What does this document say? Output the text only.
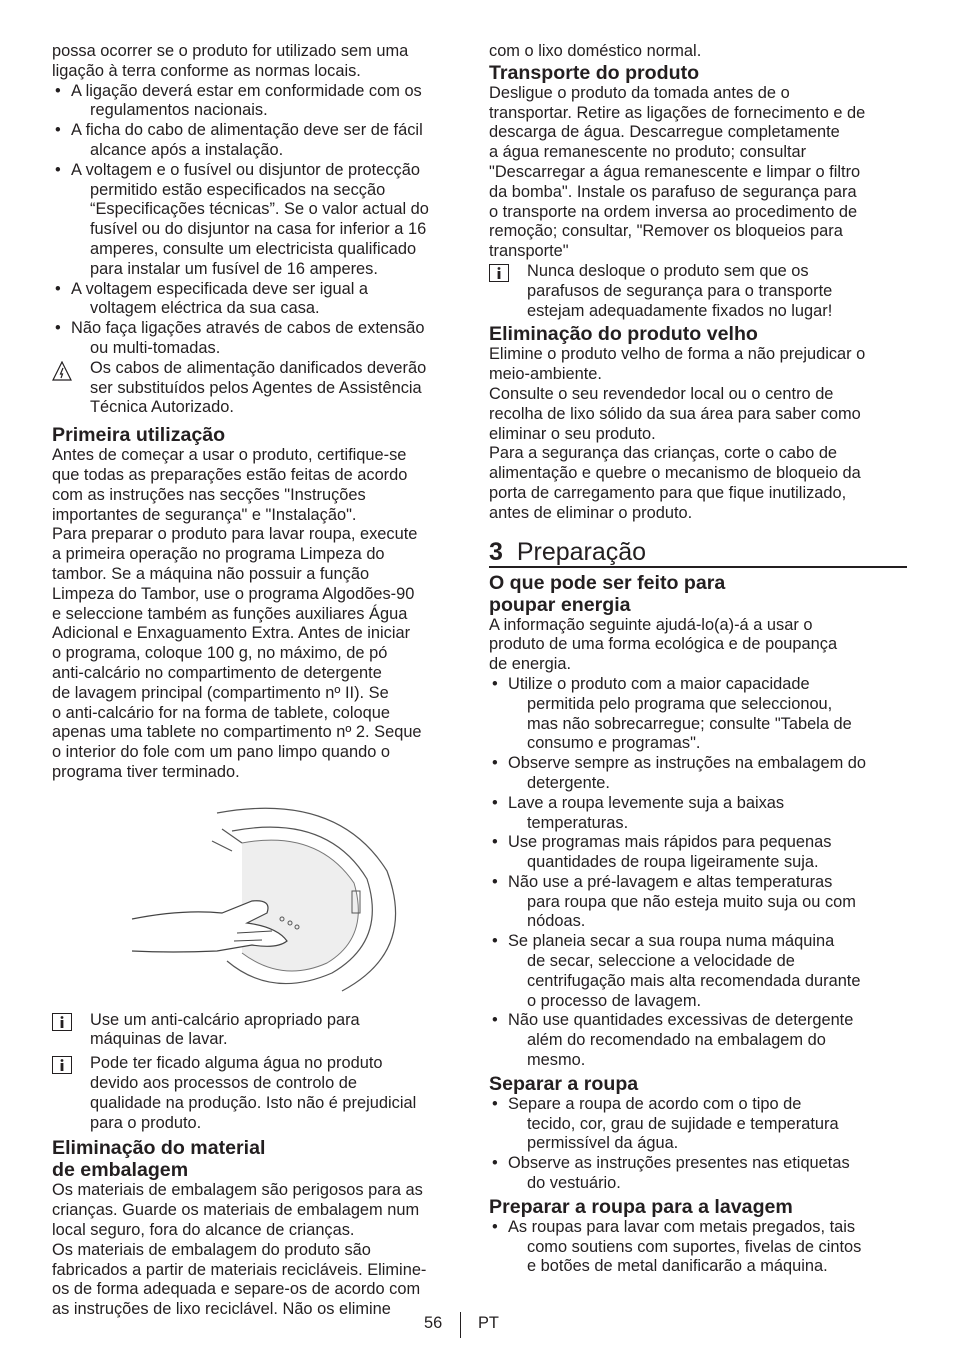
possa ocorrer se o produto for utilizado sem uma
ligação à terra conforme as normas locais.

• A ligação deverá estar em conformidade com os
regulamentos nacionais.
• A ficha do cabo de alimentação deve ser de fácil
alcance após a instalação.
• A voltagem e o fusível ou disjuntor de protecção
permitido estão especificados na secção
“Especificações técnicas”. Se o valor actual do
fusível ou do disjuntor na casa for inferior a 16
amperes, consulte um electricista qualificado
para instalar um fusível de 16 amperes.
• A voltagem especificada deve ser igual a
voltagem eléctrica da sua casa.
• Não faça ligações através de cabos de extensão
ou multi-tomadas.

Os cabos de alimentação danificados deverão
ser substituídos pelos Agentes de Assistência
Técnica Autorizado.

Primeira utilização

Antes de começar a usar o produto, certifique-se
que todas as preparações estão feitas de acordo
com as instruções nas secções "Instruções
importantes de segurança" e "Instalação".
Para preparar o produto para lavar roupa, execute
a primeira operação no programa Limpeza do
tambor. Se a máquina não possuir a função
Limpeza do Tambor, use o programa Algodões-90
e seleccione também as funções auxiliares Água
Adicional e Enxaguamento Extra. Antes de iniciar
o programa, coloque 100 g, no máximo, de pó
anti-calcário no compartimento de detergente
de lavagem principal (compartimento nº II). Se
o anti-calcário for na forma de tablete, coloque
apenas uma tablete no compartimento nº 2. Seque
o interior do fole com um pano limpo quando o
programa tiver terminado.

Use um anti-calcário apropriado para
máquinas de lavar.

Pode ter ficado alguma água no produto
devido aos processos de controlo de
qualidade na produção. Isto não é prejudicial
para o produto.

Eliminação do material
de embalagem

Os materiais de embalagem são perigosos para as
crianças. Guarde os materiais de embalagem num
local seguro, fora do alcance de crianças.
Os materiais de embalagem do produto são
fabricados a partir de materiais recicláveis. Elimine-
os de forma adequada e separe-os de acordo com
as instruções de lixo reciclável. Não os elimine

com o lixo doméstico normal.

Transporte do produto

Desligue o produto da tomada antes de o
transportar. Retire as ligações de fornecimento e de
descarga de água. Descarregue completamente
a água remanescente no produto; consultar
"Descarregar a água remanescente e limpar o filtro
da bomba". Instale os parafuso de segurança para
o transporte na ordem inversa ao procedimento de
remoção; consultar, "Remover os bloqueios para
transporte"

Nunca desloque o produto sem que os
parafusos de segurança para o transporte
estejam adequadamente fixados no lugar!

Eliminação do produto velho

Elimine o produto velho de forma a não prejudicar o
meio-ambiente.
Consulte o seu revendedor local ou o centro de
recolha de lixo sólido da sua área para saber como
eliminar o seu produto.
Para a segurança das crianças, corte o cabo de
alimentação e quebre o mecanismo de bloqueio da
porta de carregamento para que fique inutilizado,
antes de eliminar o produto.

3 Preparação
O que pode ser feito para
poupar energia

A informação seguinte ajudá-lo(a)-á a usar o
produto de uma forma ecológica e de poupança
de energia.

• Utilize o produto com a maior capacidade
permitida pelo programa que seleccionou,
mas não sobrecarregue; consulte "Tabela de
consumo e programas".
• Observe sempre as instruções na embalagem do
detergente.
• Lave a roupa levemente suja a baixas
temperaturas.
• Use programas mais rápidos para pequenas
quantidades de roupa ligeiramente suja.
• Não use a pré-lavagem e altas temperaturas
para roupa que não esteja muito suja ou com
nódoas.
• Se planeia secar a sua roupa numa máquina
de secar, seleccione a velocidade de
centrifugação mais alta recomendada durante
o processo de lavagem.
• Não use quantidades excessivas de detergente
além do recomendado na embalagem do
mesmo.
Separar a roupa
• Separe a roupa de acordo com o tipo de
tecido, cor, grau de sujidade e temperatura
permissível da água.
• Observe as instruções presentes nas etiquetas
do vestuário.
Preparar a roupa para a lavagem
• As roupas para lavar com metais pregados, tais
como soutiens com suportes, fivelas de cintos
e botões de metal danificarão a máquina.
56 PT
